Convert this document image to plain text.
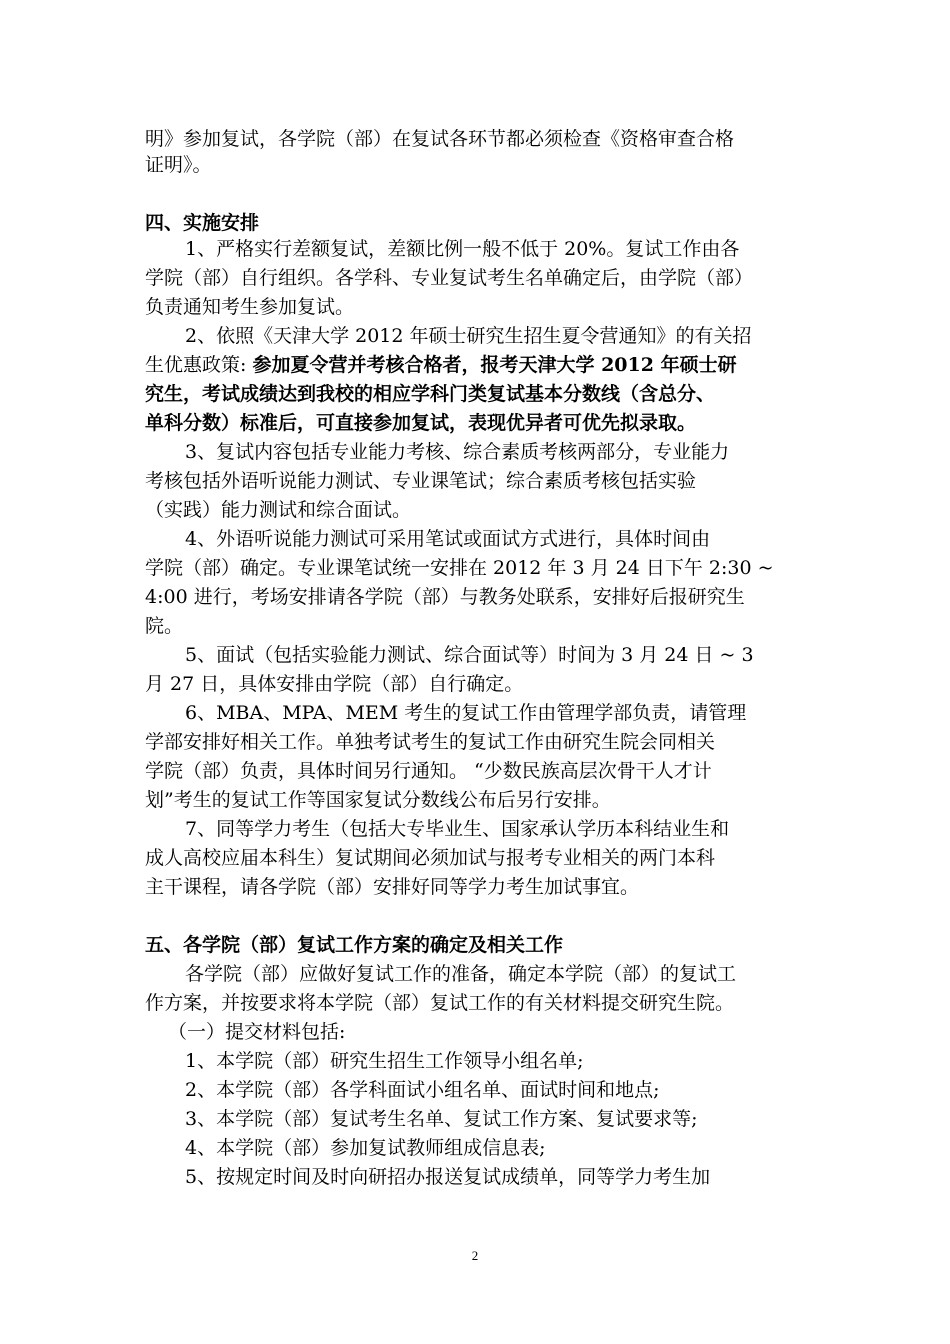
明》参加复试，各学院（部）在复试各环节都必须检查《资格审查合格
证明》。
四、实施安排
1、严格实行差额复试，差额比例一般不低于 20%。复试工作由各
学院（部）自行组织。各学科、专业复试考生名单确定后，由学院（部）
负责通知考生参加复试。
2、依照《天津大学 2012 年硕士研究生招生夏令营通知》的有关招
生优惠政策: 参加夏令营并考核合格者，报考天津大学 2012 年硕士研
究生，考试成绩达到我校的相应学科门类复试基本分数线（含总分、
单科分数）标准后，可直接参加复试，表现优异者可优先拟录取。
3、复试内容包括专业能力考核、综合素质考核两部分，专业能力
考核包括外语听说能力测试、专业课笔试；综合素质考核包括实验
（实践）能力测试和综合面试。
4、外语听说能力测试可采用笔试或面试方式进行，具体时间由
学院（部）确定。专业课笔试统一安排在 2012 年 3 月 24 日下午 2:30 ~
4:00 进行，考场安排请各学院（部）与教务处联系，安排好后报研究生
院。
5、面试（包括实验能力测试、综合面试等）时间为 3 月 24 日 ~ 3
月 27 日，具体安排由学院（部）自行确定。
6、MBA、MPA、MEM 考生的复试工作由管理学部负责，请管理
学部安排好相关工作。单独考试考生的复试工作由研究生院会同相关
学院（部）负责，具体时间另行通知。 “少数民族高层次骨干人才计
划”考生的复试工作等国家复试分数线公布后另行安排。
7、同等学力考生（包括大专毕业生、国家承认学历本科结业生和
成人高校应届本科生）复试期间必须加试与报考专业相关的两门本科
主干课程，请各学院（部）安排好同等学力考生加试事宜。
五、各学院（部）复试工作方案的确定及相关工作
各学院（部）应做好复试工作的准备，确定本学院（部）的复试工
作方案，并按要求将本学院（部）复试工作的有关材料提交研究生院。
（一）提交材料包括:
1、本学院（部）研究生招生工作领导小组名单;
2、本学院（部）各学科面试小组名单、面试时间和地点;
3、本学院（部）复试考生名单、复试工作方案、复试要求等;
4、本学院（部）参加复试教师组成信息表;
5、按规定时间及时向研招办报送复试成绩单，同等学力考生加
2
